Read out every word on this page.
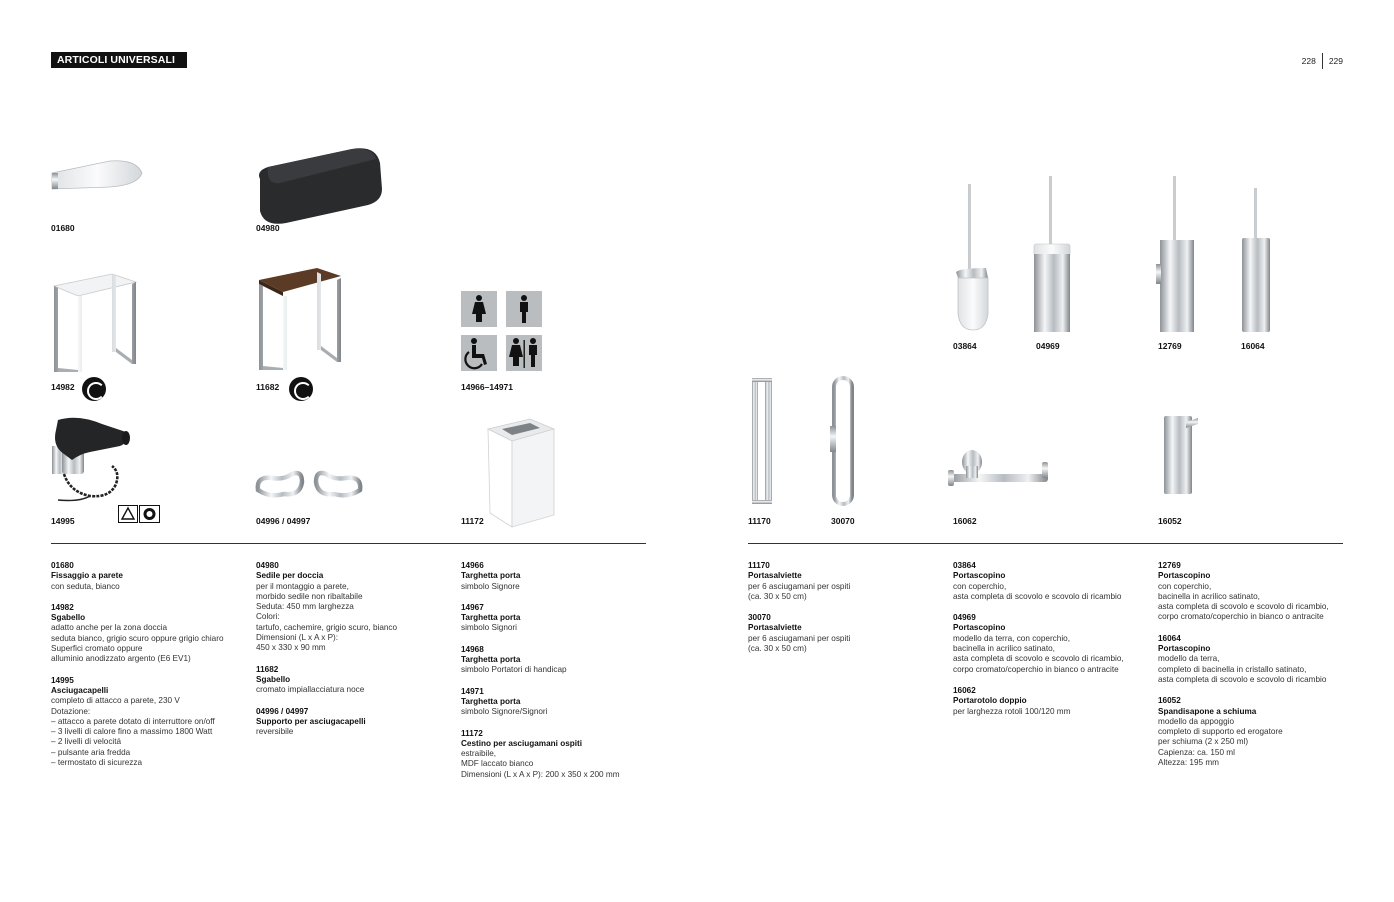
ARTICOLI UNIVERSALI	228 229
01680	04980
14982	11682	14966–14971
14995	04996 / 04997	11172
03864	04969	12769	16064
11170	30070	16062	16052
01680
Fissaggio a parete
con seduta, bianco
14982
Sgabello
adatto anche per la zona doccia
seduta bianco, grigio scuro oppure grigio chiaro
Superfici cromato oppure
alluminio anodizzato argento (E6 EV1)
14995
Asciugacapelli
completo di attacco a parete, 230 V
Dotazione:
– attacco a parete dotato di interruttore on/off
– 3 livelli di calore fino a massimo 1800 Watt
– 2 livelli di velocitá
– pulsante aria fredda
– termostato di sicurezza
04980
Sedile per doccia
per il montaggio a parete,
morbido sedile non ribaltabile
Seduta: 450 mm larghezza
Colori:
tartufo, cachemire, grigio scuro, bianco
Dimensioni (L x A x P):
450 x 330 x 90 mm
11682
Sgabello
cromato impiallacciatura noce
04996 / 04997
Supporto per asciugacapelli
reversibile
14966
Targhetta porta
simbolo Signore
14967
Targhetta porta
simbolo Signori
14968
Targhetta porta
simbolo Portatori di handicap
14971
Targhetta porta
simbolo Signore/Signori
11172
Cestino per asciugamani ospiti
estraibile,
MDF laccato bianco
Dimensioni (L x A x P): 200 x 350 x 200 mm
11170
Portasalviette
per 6 asciugamani per ospiti
(ca. 30 x 50 cm)
30070
Portasalviette
per 6 asciugamani per ospiti
(ca. 30 x 50 cm)
03864
Portascopino
con coperchio,
asta completa di scovolo e scovolo di ricambio
04969
Portascopino
modello da terra, con coperchio,
bacinella in acrilico satinato,
asta completa di scovolo e scovolo di ricambio,
corpo cromato/coperchio in bianco o antracite
16062
Portarotolo doppio
per larghezza rotoli 100/120 mm
12769
Portascopino
con coperchio,
bacinella in acrilico satinato,
asta completa di scovolo e scovolo di ricambio,
corpo cromato/coperchio in bianco o antracite
16064
Portascopino
modello da terra,
completo di bacinella in cristallo satinato,
asta completa di scovolo e scovolo di ricambio
16052
Spandisapone a schiuma
modello da appoggio
completo di supporto ed erogatore
per schiuma (2 x 250 ml)
Capienza: ca. 150 ml
Altezza: 195 mm
